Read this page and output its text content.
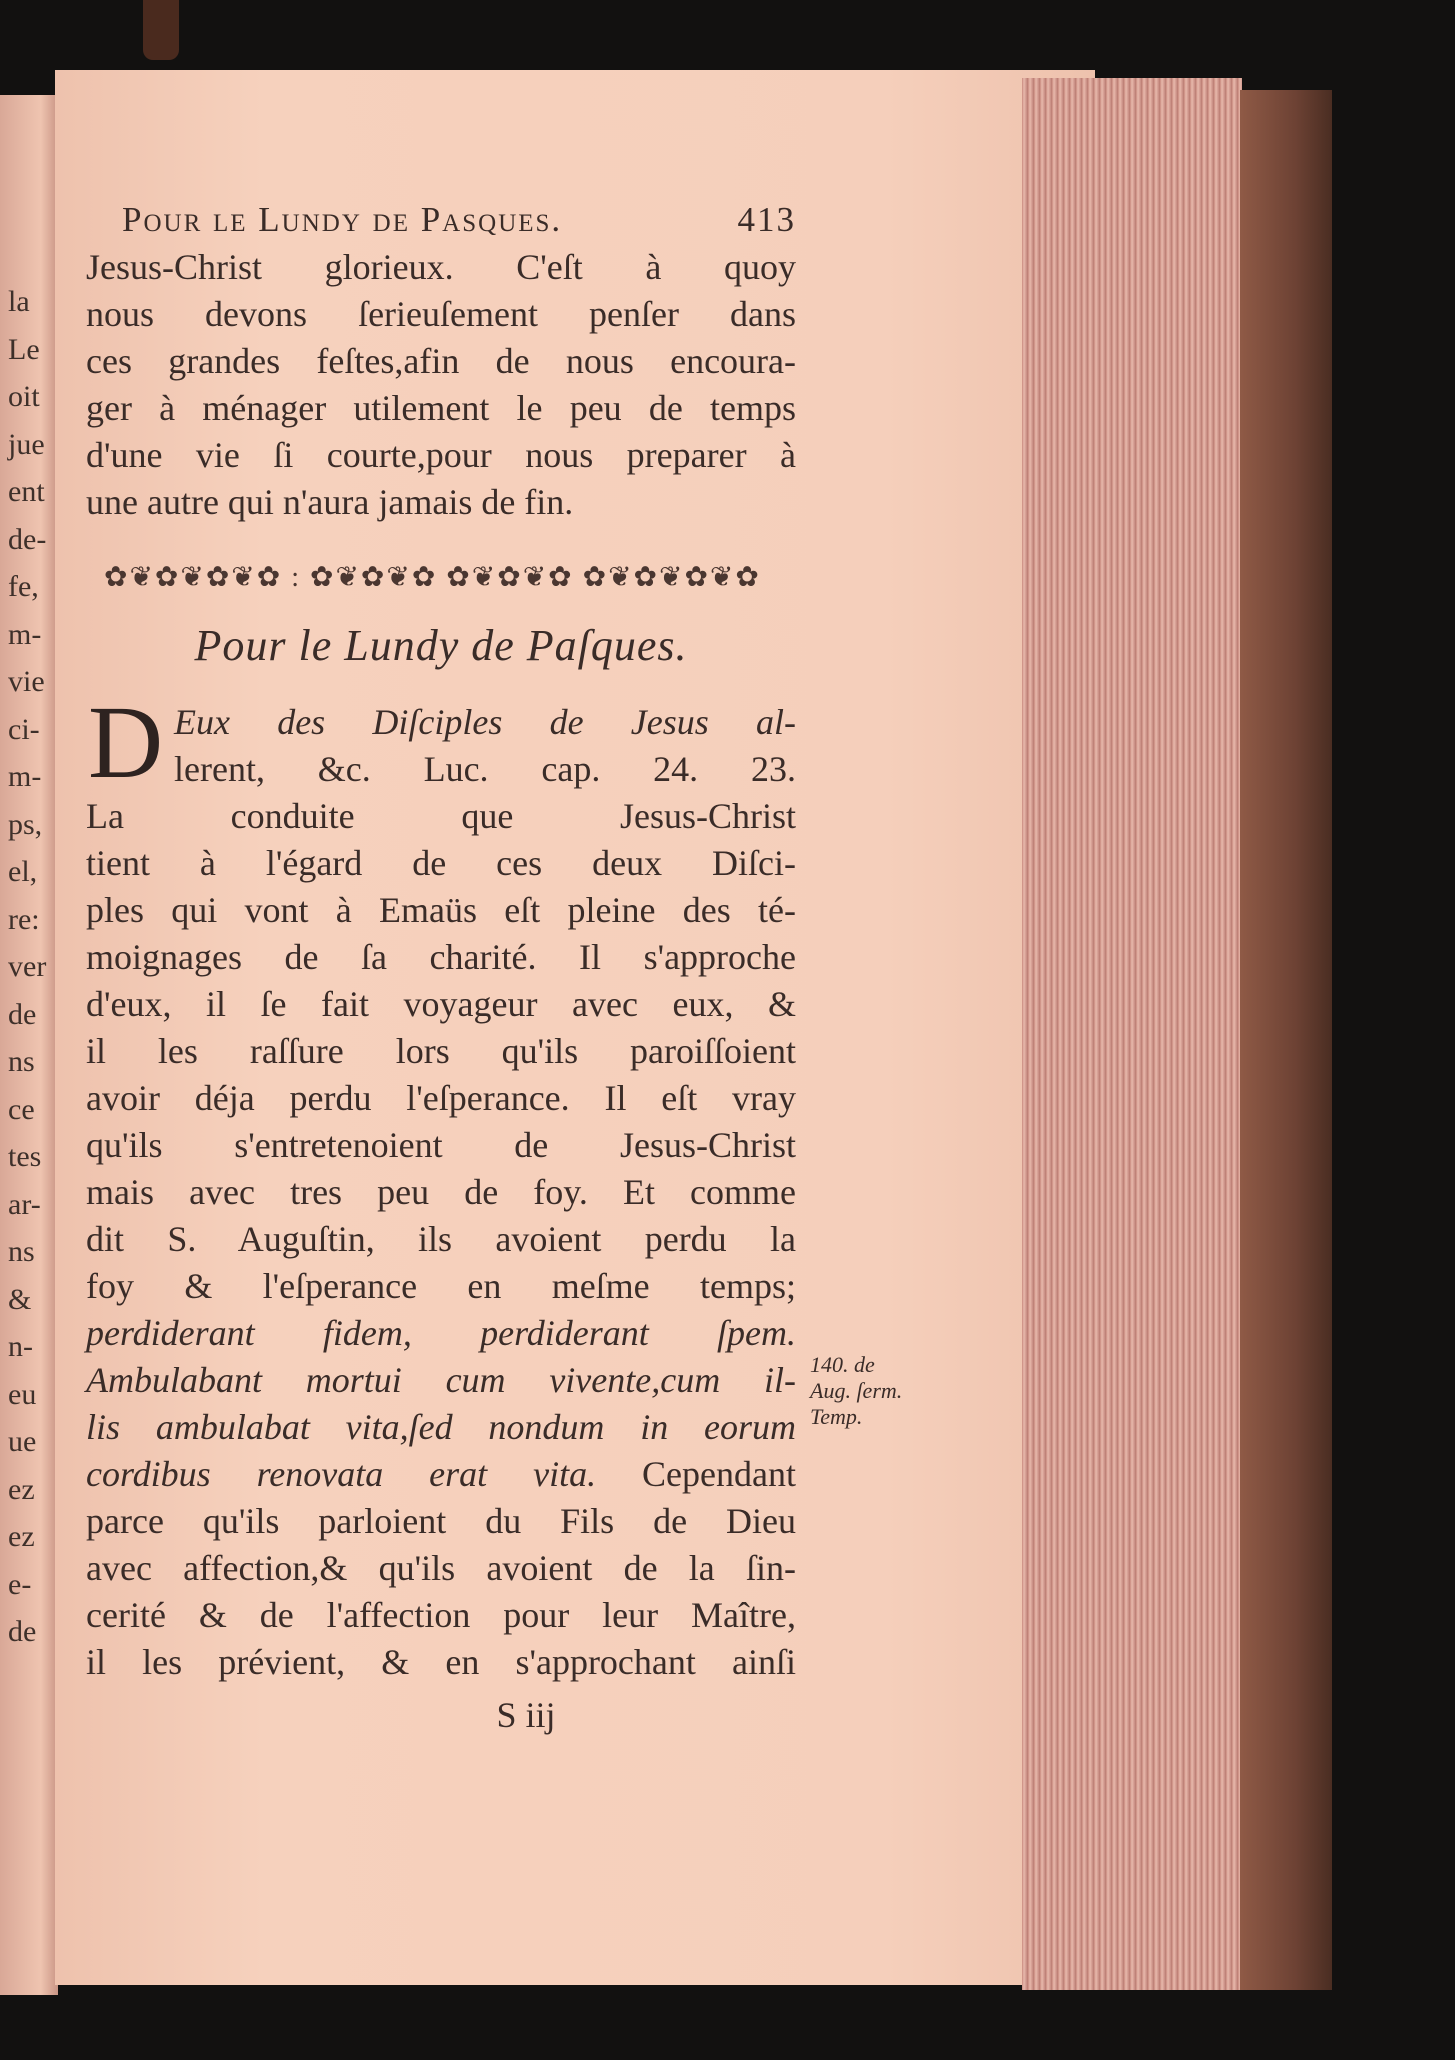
la
Le
oit
jue
ent
de-
fe,
m-
vie
ci-
m-
ps,
el,
re:
ver
de
ns
ce
tes
ar-
ns
&
n-
eu
ue
ez
ez
e-
de
Pour le Lundy de Pasques.	413
Jesus-Christ glorieux. C'eſt à quoy
nous devons ſerieuſement penſer dans
ces grandes feſtes,afin de nous encoura-
ger à ménager utilement le peu de temps
d'une vie ſi courte,pour nous preparer à
une autre qui n'aura jamais de fin.
✿❦✿❦✿❦✿ : ✿❦✿❦✿ ✿❦✿❦✿ ✿❦✿❦✿❦✿
Pour le Lundy de Paſques.
D Eux des Diſciples de Jesus al-
lerent, &c. Luc. cap. 24. 23.
La conduite que Jesus-Christ
tient à l'égard de ces deux Diſci-
ples qui vont à Emaüs eſt pleine des té-
moignages de ſa charité. Il s'approche
d'eux, il ſe fait voyageur avec eux, &
il les raſſure lors qu'ils paroiſſoient
avoir déja perdu l'eſperance. Il eſt vray
qu'ils s'entretenoient de Jesus-Christ
mais avec tres peu de foy. Et comme
dit S. Auguſtin, ils avoient perdu la
foy & l'eſperance en meſme temps;
perdiderant fidem, perdiderant ſpem.
Ambulabant mortui cum vivente,cum il-
lis ambulabat vita,ſed nondum in eorum
cordibus renovata erat vita. Cependant
parce qu'ils parloient du Fils de Dieu
avec affection,& qu'ils avoient de la ſin-
cerité & de l'affection pour leur Maître,
il les prévient, & en s'approchant ainſi
S iij
140. de
Aug. ſerm.
Temp.
